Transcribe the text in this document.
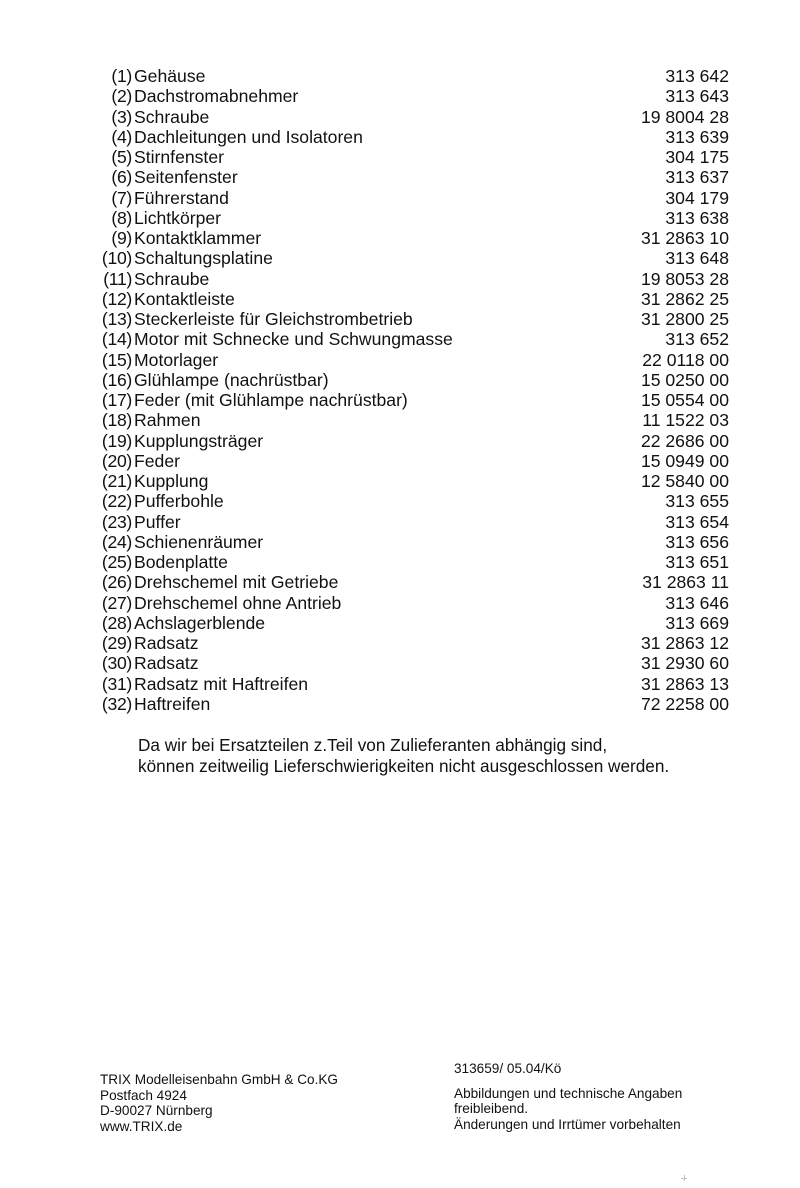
(1) Gehäuse	313 642
(2) Dachstromabnehmer	313 643
(3) Schraube	19 8004 28
(4) Dachleitungen und Isolatoren	313 639
(5) Stirnfenster	304 175
(6) Seitenfenster	313 637
(7) Führerstand	304 179
(8) Lichtkörper	313 638
(9) Kontaktklammer	31 2863 10
(10) Schaltungsplatine	313 648
(11) Schraube	19 8053 28
(12) Kontaktleiste	31 2862 25
(13) Steckerleiste für Gleichstrombetrieb	31 2800 25
(14) Motor mit Schnecke und Schwungmasse	313 652
(15) Motorlager	22 0118 00
(16) Glühlampe (nachrüstbar)	15 0250 00
(17) Feder (mit Glühlampe nachrüstbar)	15 0554 00
(18) Rahmen	11 1522 03
(19) Kupplungsträger	22 2686 00
(20) Feder	15 0949 00
(21) Kupplung	12 5840 00
(22) Pufferbohle	313 655
(23) Puffer	313 654
(24) Schienenräumer	313 656
(25) Bodenplatte	313 651
(26) Drehschemel mit Getriebe	31 2863 11
(27) Drehschemel ohne Antrieb	313 646
(28) Achslagerblende	313 669
(29) Radsatz	31 2863 12
(30) Radsatz	31 2930 60
(31) Radsatz mit Haftreifen	31 2863 13
(32) Haftreifen	72 2258 00
Da wir bei Ersatzteilen z.Teil von Zulieferanten abhängig sind,
können zeitweilig Lieferschwierigkeiten nicht ausgeschlossen werden.
TRIX Modelleisenbahn GmbH & Co.KG
Postfach 4924
D-90027 Nürnberg
www.TRIX.de
313659/ 05.04/Kö
Abbildungen und technische Angaben
freibleibend.
Änderungen und Irrtümer vorbehalten
